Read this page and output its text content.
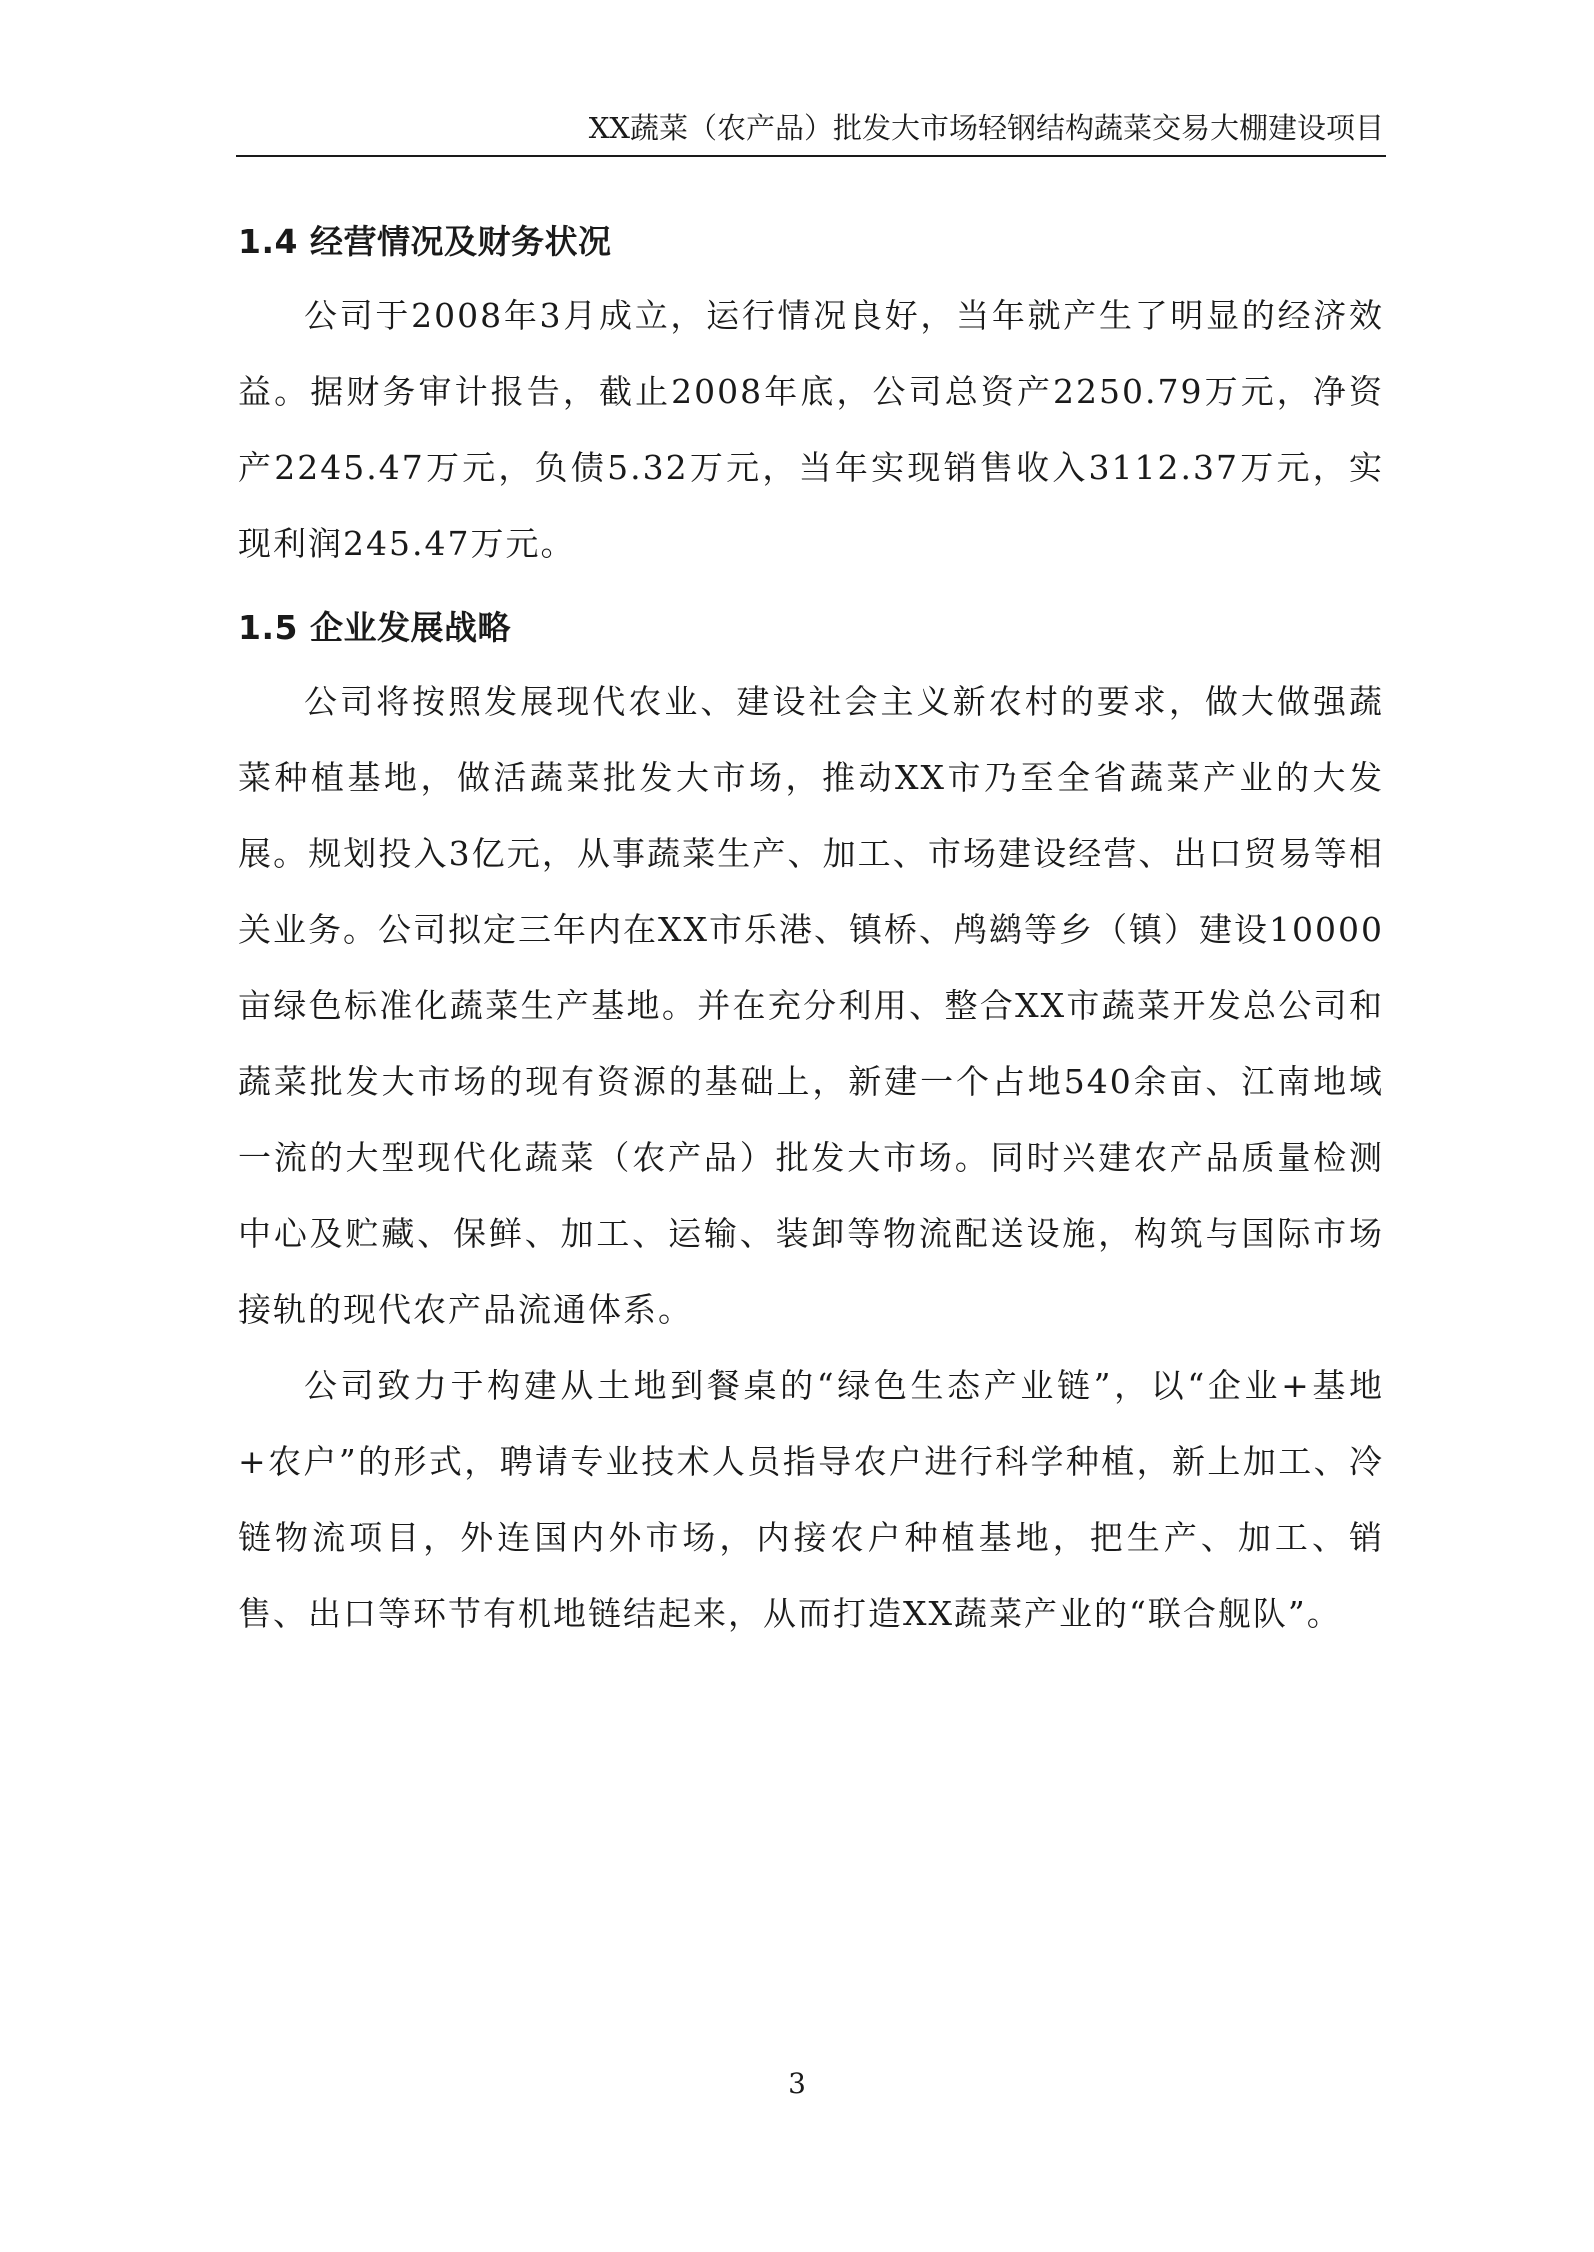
XX蔬菜（农产品）批发大市场轻钢结构蔬菜交易大棚建设项目
1.4 经营情况及财务状况

公司于2008年3月成立，运行情况良好，当年就产生了明显的经济效益。据财务审计报告，截止2008年底，公司总资产2250.79万元，净资产2245.47万元，负债5.32万元，当年实现销售收入3112.37万元，实现利润245.47万元。

1.5 企业发展战略

公司将按照发展现代农业、建设社会主义新农村的要求，做大做强蔬菜种植基地，做活蔬菜批发大市场，推动XX市乃至全省蔬菜产业的大发展。规划投入3亿元，从事蔬菜生产、加工、市场建设经营、出口贸易等相关业务。公司拟定三年内在XX市乐港、镇桥、鸬鹚等乡（镇）建设10000亩绿色标准化蔬菜生产基地。并在充分利用、整合XX市蔬菜开发总公司和蔬菜批发大市场的现有资源的基础上，新建一个占地540余亩、江南地域一流的大型现代化蔬菜（农产品）批发大市场。同时兴建农产品质量检测中心及贮藏、保鲜、加工、运输、装卸等物流配送设施，构筑与国际市场接轨的现代农产品流通体系。

公司致力于构建从土地到餐桌的“绿色生态产业链”，以“企业+基地+农户”的形式，聘请专业技术人员指导农户进行科学种植，新上加工、冷链物流项目，外连国内外市场，内接农户种植基地，把生产、加工、销售、出口等环节有机地链结起来，从而打造XX蔬菜产业的“联合舰队”。

3
